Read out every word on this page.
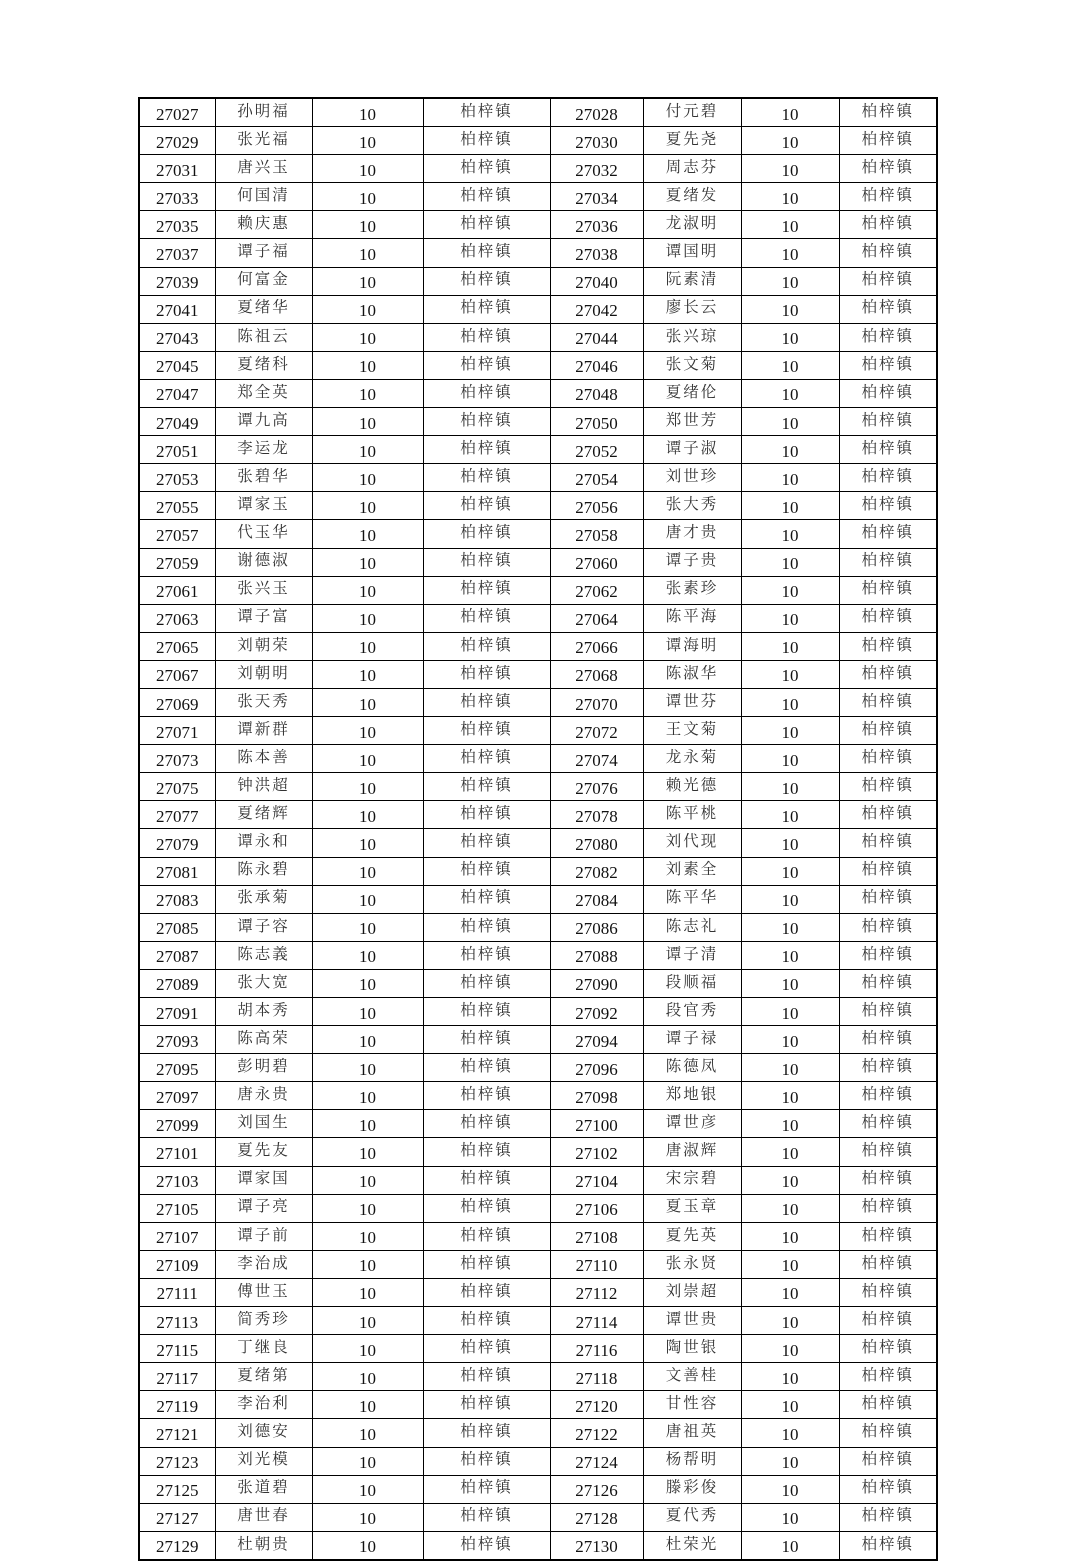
27027	孙明福	10	柏梓镇	27028	付元碧	10	柏梓镇
27029	张光福	10	柏梓镇	27030	夏先尧	10	柏梓镇
27031	唐兴玉	10	柏梓镇	27032	周志芬	10	柏梓镇
27033	何国清	10	柏梓镇	27034	夏绪发	10	柏梓镇
27035	赖庆惠	10	柏梓镇	27036	龙淑明	10	柏梓镇
27037	谭子福	10	柏梓镇	27038	谭国明	10	柏梓镇
27039	何富金	10	柏梓镇	27040	阮素清	10	柏梓镇
27041	夏绪华	10	柏梓镇	27042	廖长云	10	柏梓镇
27043	陈祖云	10	柏梓镇	27044	张兴琼	10	柏梓镇
27045	夏绪科	10	柏梓镇	27046	张文菊	10	柏梓镇
27047	郑全英	10	柏梓镇	27048	夏绪伦	10	柏梓镇
27049	谭九高	10	柏梓镇	27050	郑世芳	10	柏梓镇
27051	李运龙	10	柏梓镇	27052	谭子淑	10	柏梓镇
27053	张碧华	10	柏梓镇	27054	刘世珍	10	柏梓镇
27055	谭家玉	10	柏梓镇	27056	张大秀	10	柏梓镇
27057	代玉华	10	柏梓镇	27058	唐才贵	10	柏梓镇
27059	谢德淑	10	柏梓镇	27060	谭子贵	10	柏梓镇
27061	张兴玉	10	柏梓镇	27062	张素珍	10	柏梓镇
27063	谭子富	10	柏梓镇	27064	陈平海	10	柏梓镇
27065	刘朝荣	10	柏梓镇	27066	谭海明	10	柏梓镇
27067	刘朝明	10	柏梓镇	27068	陈淑华	10	柏梓镇
27069	张天秀	10	柏梓镇	27070	谭世芬	10	柏梓镇
27071	谭新群	10	柏梓镇	27072	王文菊	10	柏梓镇
27073	陈本善	10	柏梓镇	27074	龙永菊	10	柏梓镇
27075	钟洪超	10	柏梓镇	27076	赖光德	10	柏梓镇
27077	夏绪辉	10	柏梓镇	27078	陈平桃	10	柏梓镇
27079	谭永和	10	柏梓镇	27080	刘代现	10	柏梓镇
27081	陈永碧	10	柏梓镇	27082	刘素全	10	柏梓镇
27083	张承菊	10	柏梓镇	27084	陈平华	10	柏梓镇
27085	谭子容	10	柏梓镇	27086	陈志礼	10	柏梓镇
27087	陈志義	10	柏梓镇	27088	谭子清	10	柏梓镇
27089	张大宽	10	柏梓镇	27090	段顺福	10	柏梓镇
27091	胡本秀	10	柏梓镇	27092	段官秀	10	柏梓镇
27093	陈高荣	10	柏梓镇	27094	谭子禄	10	柏梓镇
27095	彭明碧	10	柏梓镇	27096	陈德凤	10	柏梓镇
27097	唐永贵	10	柏梓镇	27098	郑地银	10	柏梓镇
27099	刘国生	10	柏梓镇	27100	谭世彦	10	柏梓镇
27101	夏先友	10	柏梓镇	27102	唐淑辉	10	柏梓镇
27103	谭家国	10	柏梓镇	27104	宋宗碧	10	柏梓镇
27105	谭子亮	10	柏梓镇	27106	夏玉章	10	柏梓镇
27107	谭子前	10	柏梓镇	27108	夏先英	10	柏梓镇
27109	李治成	10	柏梓镇	27110	张永贤	10	柏梓镇
27111	傅世玉	10	柏梓镇	27112	刘崇超	10	柏梓镇
27113	简秀珍	10	柏梓镇	27114	谭世贵	10	柏梓镇
27115	丁继良	10	柏梓镇	27116	陶世银	10	柏梓镇
27117	夏绪第	10	柏梓镇	27118	文善桂	10	柏梓镇
27119	李治利	10	柏梓镇	27120	甘性容	10	柏梓镇
27121	刘德安	10	柏梓镇	27122	唐祖英	10	柏梓镇
27123	刘光模	10	柏梓镇	27124	杨帮明	10	柏梓镇
27125	张道碧	10	柏梓镇	27126	滕彩俊	10	柏梓镇
27127	唐世春	10	柏梓镇	27128	夏代秀	10	柏梓镇
27129	杜朝贵	10	柏梓镇	27130	杜荣光	10	柏梓镇
